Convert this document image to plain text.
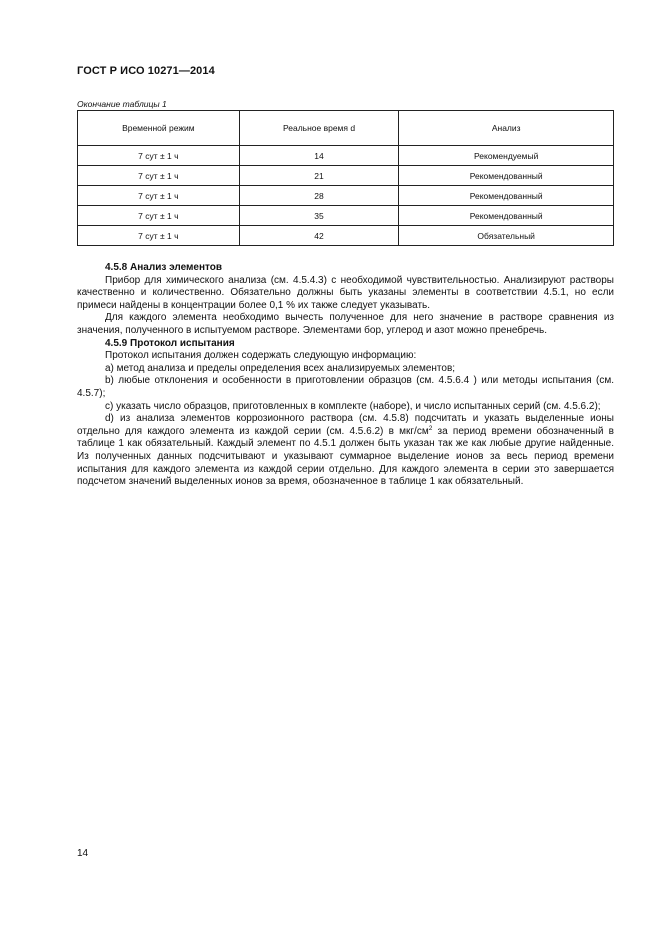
ГОСТ Р ИСО 10271—2014
Окончание таблицы 1
Временной режим	Реальное время d	Анализ
7 сут ± 1 ч	14	Рекомендуемый
7 сут ± 1 ч	21	Рекомендованный
7 сут ± 1 ч	28	Рекомендованный
7 сут ± 1 ч	35	Рекомендованный
7 сут ± 1 ч	42	Обязательный

4.5.8 Анализ элементов

Прибор для химического анализа (см. 4.5.4.3) с необходимой чувствительностью. Анализируют растворы качественно и количественно. Обязательно должны быть указаны элементы в соответствии 4.5.1, но если примеси найдены в концентрации более 0,1 % их также следует указывать.

Для каждого элемента необходимо вычесть полученное для него значение в растворе сравнения из значения, полученного в испытуемом растворе. Элементами бор, углерод и азот можно пренебречь.

4.5.9 Протокол испытания

Протокол испытания должен содержать следующую информацию:

a) метод анализа и пределы определения всех анализируемых элементов;

b) любые отклонения и особенности в приготовлении образцов (см. 4.5.6.4 ) или методы испытания (см. 4.5.7);

c) указать число образцов, приготовленных в комплекте (наборе), и число испытанных серий (см. 4.5.6.2);

d) из анализа элементов коррозионного раствора (см. 4.5.8) подсчитать и указать выделенные ионы отдельно для каждого элемента из каждой серии (см. 4.5.6.2) в мкг/$см^2$ за период времени обозначенный в таблице 1 как обязательный. Каждый элемент по 4.5.1 должен быть указан так же как любые другие найденные. Из полученных данных подсчитывают и указывают суммарное выделение ионов за весь период времени испытания для каждого элемента из каждой серии отдельно. Для каждого элемента в серии это завершается подсчетом значений выделенных ионов за время, обозначенное в таблице 1 как обязательный.

14
